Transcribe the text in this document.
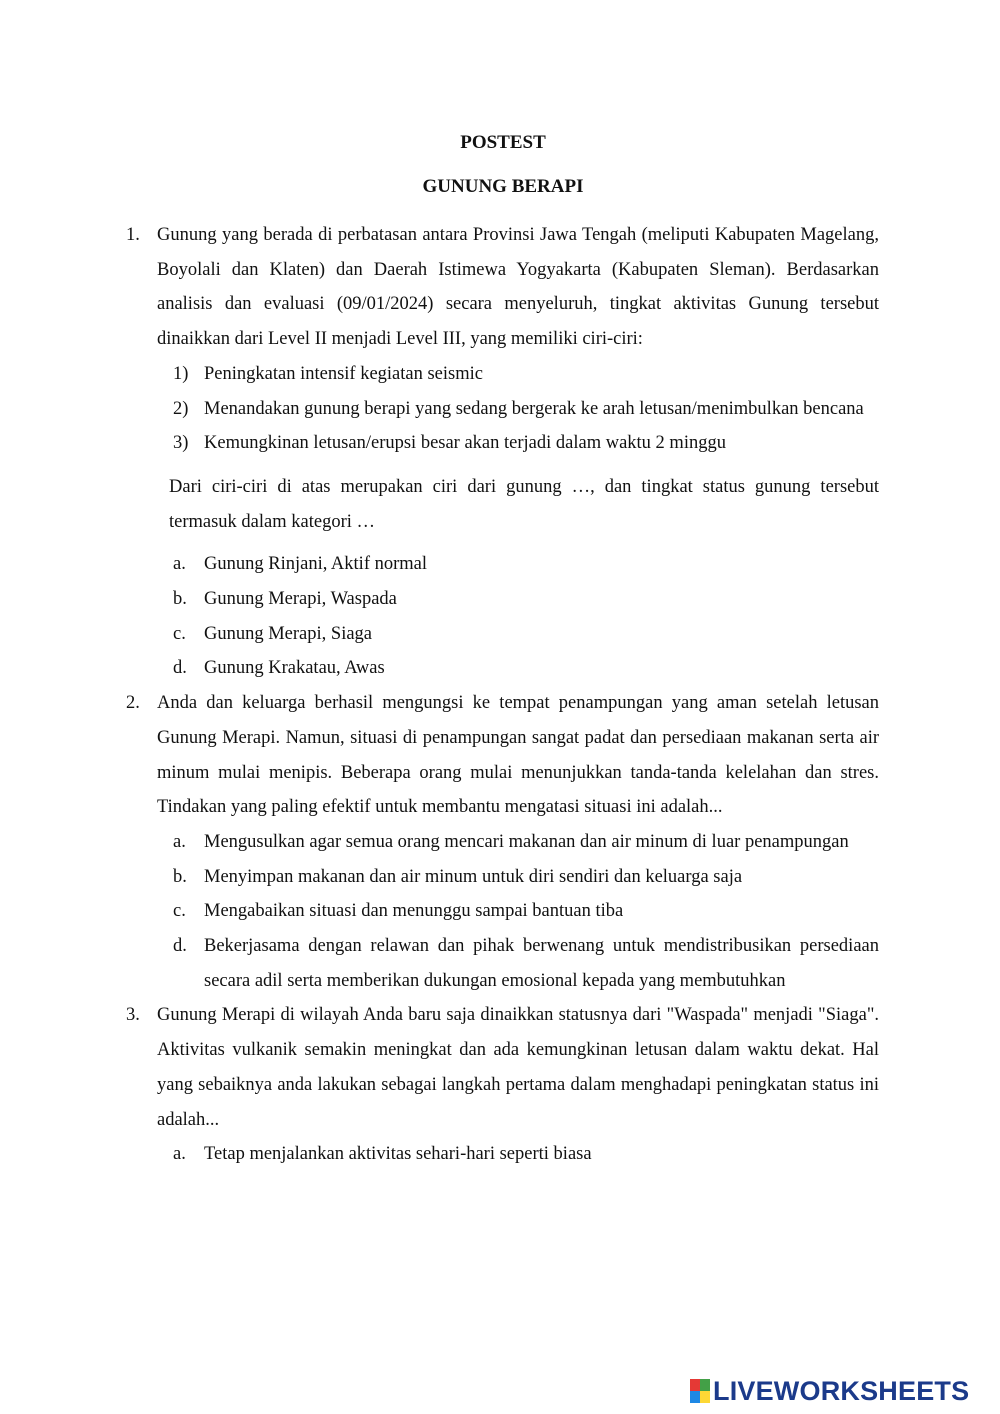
POSTEST
GUNUNG BERAPI
1. Gunung yang berada di perbatasan antara Provinsi Jawa Tengah (meliputi Kabupaten Magelang, Boyolali dan Klaten) dan Daerah Istimewa Yogyakarta (Kabupaten Sleman). Berdasarkan analisis dan evaluasi (09/01/2024) secara menyeluruh, tingkat aktivitas Gunung tersebut dinaikkan dari Level II menjadi Level III, yang memiliki ciri-ciri:
1) Peningkatan intensif kegiatan seismic
2) Menandakan gunung berapi yang sedang bergerak ke arah letusan/menimbulkan bencana
3) Kemungkinan letusan/erupsi besar akan terjadi dalam waktu 2 minggu
Dari ciri-ciri di atas merupakan ciri dari gunung …, dan tingkat status gunung tersebut termasuk dalam kategori …
a. Gunung Rinjani, Aktif normal
b. Gunung Merapi, Waspada
c. Gunung Merapi, Siaga
d. Gunung Krakatau, Awas
2. Anda dan keluarga berhasil mengungsi ke tempat penampungan yang aman setelah letusan Gunung Merapi. Namun, situasi di penampungan sangat padat dan persediaan makanan serta air minum mulai menipis. Beberapa orang mulai menunjukkan tanda-tanda kelelahan dan stres. Tindakan yang paling efektif untuk membantu mengatasi situasi ini adalah...
a. Mengusulkan agar semua orang mencari makanan dan air minum di luar penampungan
b. Menyimpan makanan dan air minum untuk diri sendiri dan keluarga saja
c. Mengabaikan situasi dan menunggu sampai bantuan tiba
d. Bekerjasama dengan relawan dan pihak berwenang untuk mendistribusikan persediaan secara adil serta memberikan dukungan emosional kepada yang membutuhkan
3. Gunung Merapi di wilayah Anda baru saja dinaikkan statusnya dari "Waspada" menjadi "Siaga". Aktivitas vulkanik semakin meningkat dan ada kemungkinan letusan dalam waktu dekat. Hal yang sebaiknya anda lakukan sebagai langkah pertama dalam menghadapi peningkatan status ini adalah...
a. Tetap menjalankan aktivitas sehari-hari seperti biasa
LIVEWORKSHEETS
